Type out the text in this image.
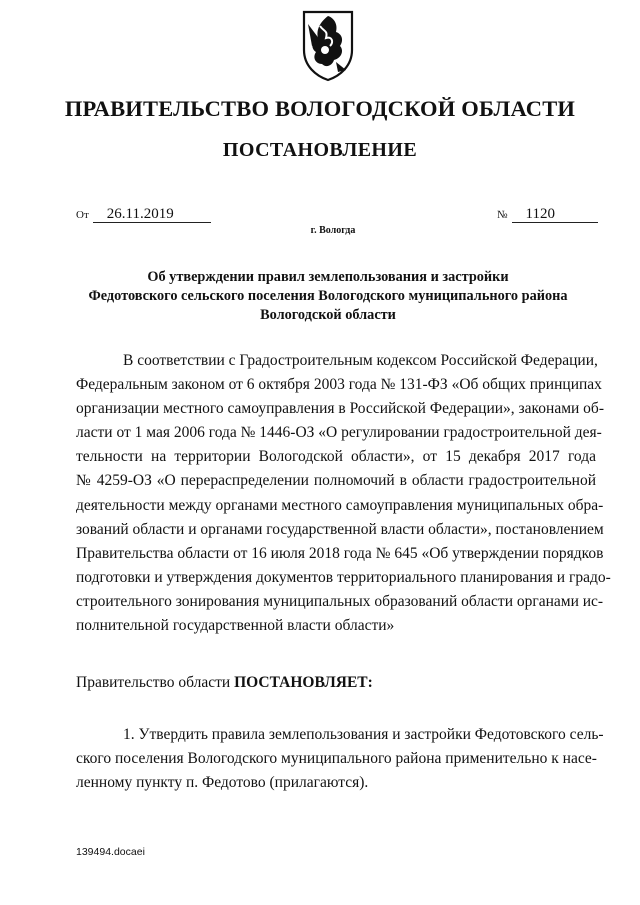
ПРАВИТЕЛЬСТВО ВОЛОГОДСКОЙ ОБЛАСТИ
ПОСТАНОВЛЕНИЕ
От 26.11.2019	№ 1120
г. Вологда
Об утверждении правил землепользования и застройки
Федотовского сельского поселения Вологодского муниципального района
Вологодской области
В соответствии с Градостроительным кодексом Российской Федерации,
Федеральным законом от 6 октября 2003 года № 131-ФЗ «Об общих принципах
организации местного самоуправления в Российской Федерации», законами об-
ласти от 1 мая 2006 года № 1446-ОЗ «О регулировании градостроительной дея-
тельности на территории Вологодской области», от 15 декабря 2017 года
№ 4259-ОЗ «О перераспределении полномочий в области градостроительной
деятельности между органами местного самоуправления муниципальных обра-
зований области и органами государственной власти области», постановлением
Правительства области от 16 июля 2018 года № 645 «Об утверждении порядков
подготовки и утверждения документов территориального планирования и градо-
строительного зонирования муниципальных образований области органами ис-
полнительной государственной власти области»
Правительство области ПОСТАНОВЛЯЕТ:
1. Утвердить правила землепользования и застройки Федотовского сель-
ского поселения Вологодского муниципального района применительно к насе-
ленному пункту п. Федотово (прилагаются).
139494.docaei
